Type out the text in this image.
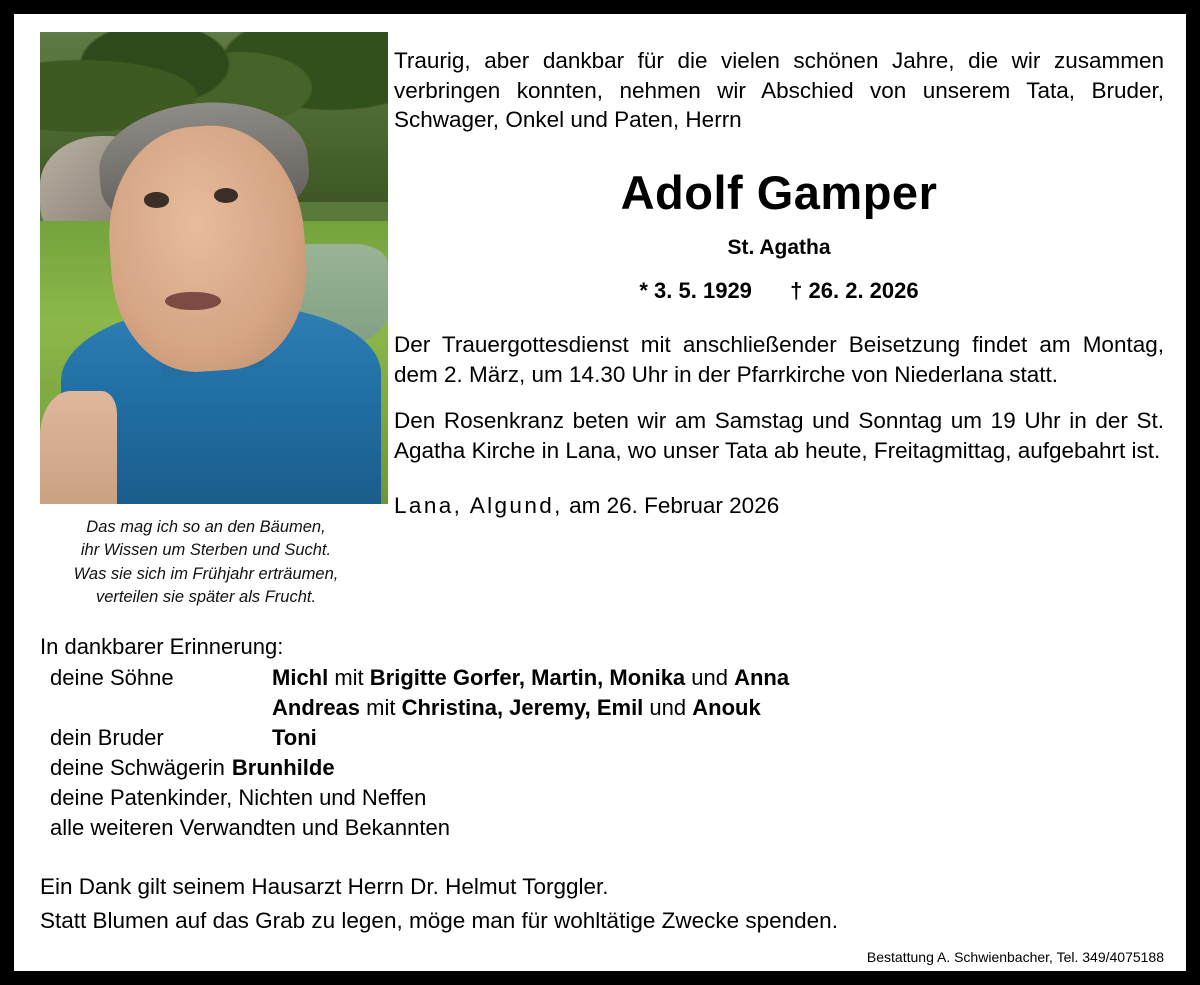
Das mag ich so an den Bäumen,
ihr Wissen um Sterben und Sucht.
Was sie sich im Frühjahr erträumen,
verteilen sie später als Frucht.

Traurig, aber dankbar für die vielen schönen Jahre, die wir zusammen verbringen konnten, nehmen wir Abschied von unserem Tata, Bruder, Schwager, Onkel und Paten, Herrn

Adolf Gamper
St. Agatha
* 3. 5. 1929 † 26. 2. 2026

Der Trauergottesdienst mit anschließender Beisetzung findet am Montag, dem 2. März, um 14.30 Uhr in der Pfarrkirche von Niederlana statt.

Den Rosenkranz beten wir am Samstag und Sonntag um 19 Uhr in der St. Agatha Kirche in Lana, wo unser Tata ab heute, Freitagmittag, aufgebahrt ist.

Lana, Algund, am 26. Februar 2026

In dankbarer Erinnerung:
deine Söhne	Michl mit Brigitte Gorfer, Martin, Monika und Anna
Andreas mit Christina, Jeremy, Emil und Anouk
dein Bruder	Toni
deine Schwägerin Brunhilde
deine Patenkinder, Nichten und Neffen
alle weiteren Verwandten und Bekannten
Ein Dank gilt seinem Hausarzt Herrn Dr. Helmut Torggler.
Statt Blumen auf das Grab zu legen, möge man für wohltätige Zwecke spenden.
Bestattung A. Schwienbacher, Tel. 349/4075188
